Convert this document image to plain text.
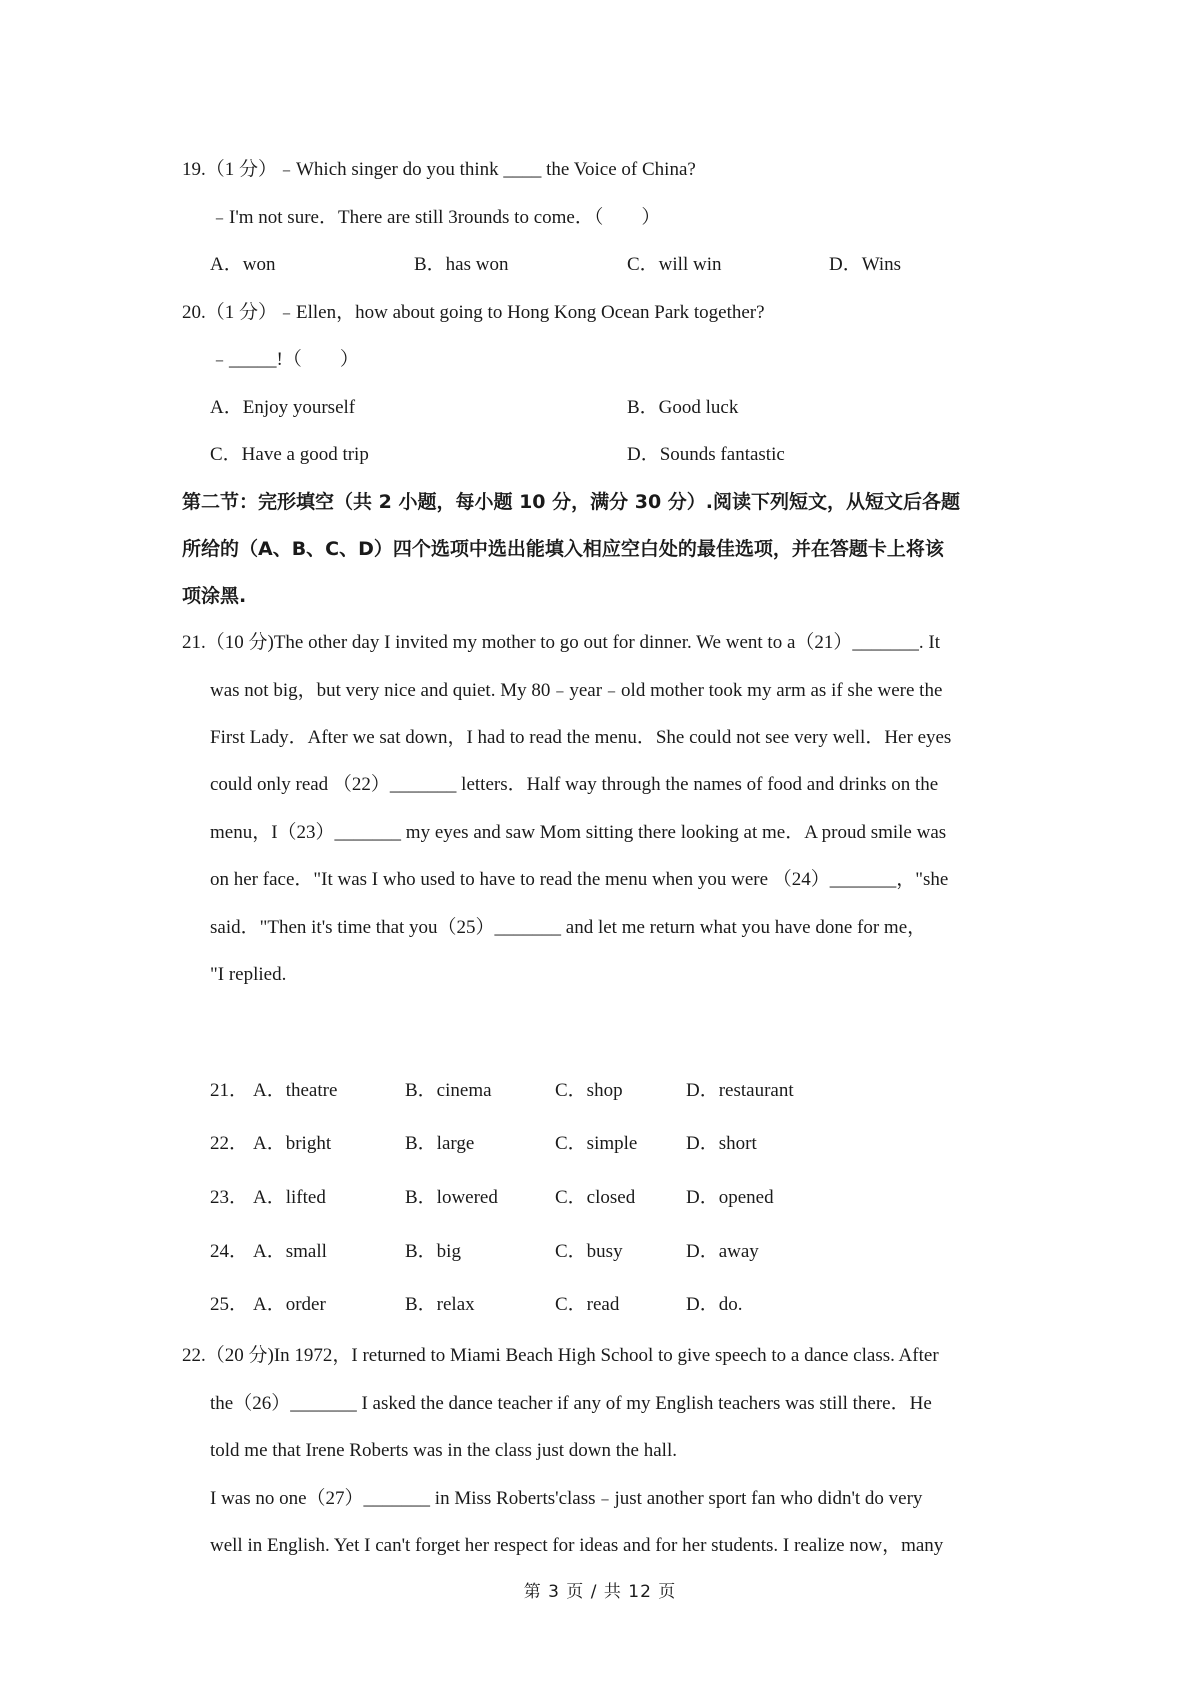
19.（1 分）﹣Which singer do you think ____ the Voice of China?
﹣I'm not sure．There are still 3rounds to come．（　　）
A．won	B．has won	C．will win	D．Wins
20.（1 分）﹣Ellen，how about going to Hong Kong Ocean Park together?
﹣_____!（　　）
A．Enjoy yourself	B．Good luck
C．Have a good trip	D．Sounds fantastic
第二节：完形填空（共 2 小题，每小题 10 分，满分 30 分）.阅读下列短文，从短文后各题
所给的（A、B、C、D）四个选项中选出能填入相应空白处的最佳选项，并在答题卡上将该
项涂黑.
21.（10 分)The other day I invited my mother to go out for dinner. We went to a（21）_______. It
was not big，but very nice and quiet. My 80﹣year﹣old mother took my arm as if she were the
First Lady．After we sat down，I had to read the menu．She could not see very well．Her eyes
could only read （22）_______ letters．Half way through the names of food and drinks on the
menu，I（23）_______ my eyes and saw Mom sitting there looking at me．A proud smile was
on her face．"It was I who used to have to read the menu when you were （24）_______，"she
said．"Then it's time that you（25）_______ and let me return what you have done for me，
"I replied.
21． A．theatre	B．cinema	C．shop	D．restaurant
22． A．bright	B．large	C．simple	D．short
23． A．lifted	B．lowered	C．closed	D．opened
24． A．small	B．big	C．busy	D．away
25． A．order	B．relax	C．read	D．do.
22.（20 分)In 1972，I returned to Miami Beach High School to give speech to a dance class. After
the（26）_______ I asked the dance teacher if any of my English teachers was still there．He
told me that Irene Roberts was in the class just down the hall.
I was no one（27）_______ in Miss Roberts'class﹣just another sport fan who didn't do very
well in English. Yet I can't forget her respect for ideas and for her students. I realize now，many
第 3 页 / 共 12 页
